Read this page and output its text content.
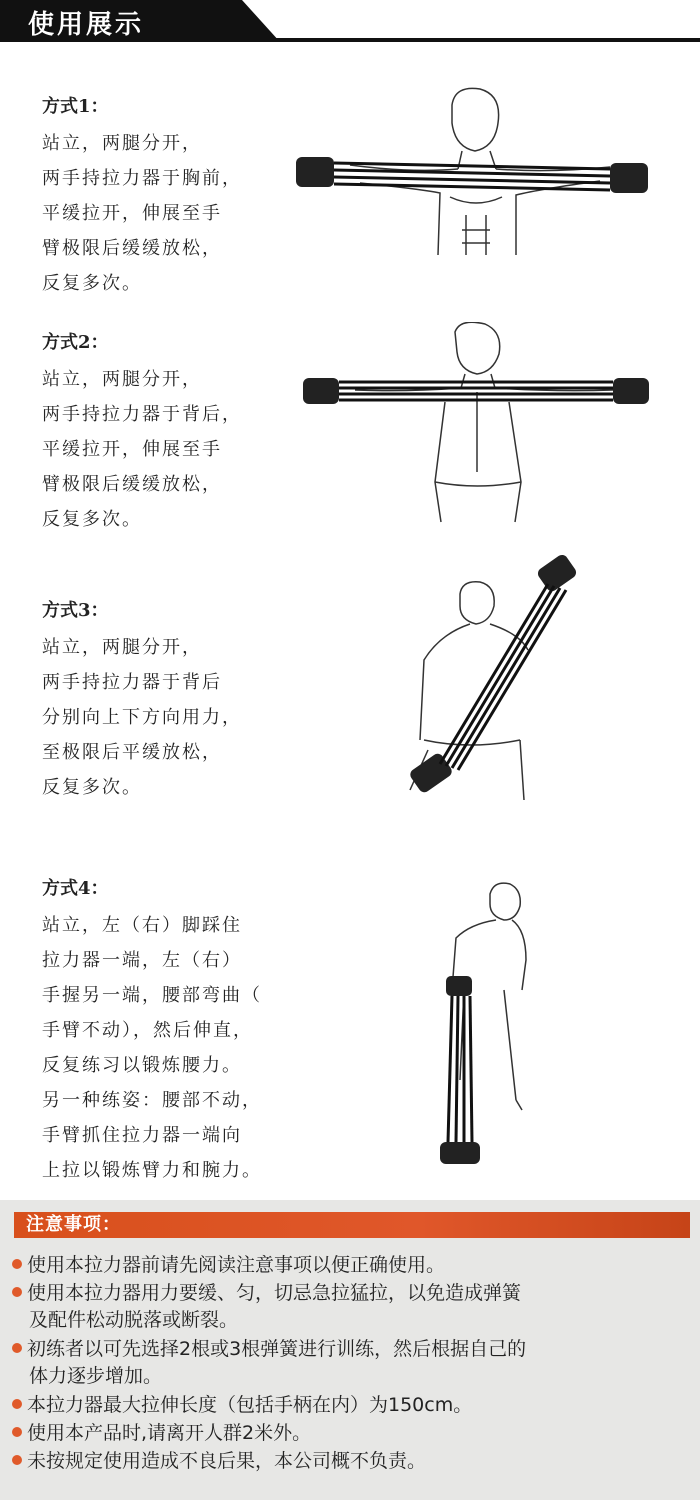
使用展示
方式1：
站立，两腿分开，
两手持拉力器于胸前，
平缓拉开，伸展至手
臂极限后缓缓放松，
反复多次。
方式2：
站立，两腿分开，
两手持拉力器于背后，
平缓拉开，伸展至手
臂极限后缓缓放松，
反复多次。
方式3：
站立，两腿分开，
两手持拉力器于背后
分别向上下方向用力，
至极限后平缓放松，
反复多次。
方式4：
站立，左（右）脚踩住
拉力器一端，左（右）
手握另一端，腰部弯曲（
手臂不动），然后伸直，
反复练习以锻炼腰力。
另一种练姿：腰部不动，
手臂抓住拉力器一端向
上拉以锻炼臂力和腕力。
注意事项：
使用本拉力器前请先阅读注意事项以便正确使用。
使用本拉力器用力要缓、匀，切忌急拉猛拉，以免造成弹簧
及配件松动脱落或断裂。
初练者以可先选择2根或3根弹簧进行训练，然后根据自己的
体力逐步增加。
本拉力器最大拉伸长度（包括手柄在内）为150cm。
使用本产品时,请离开人群2米外。
未按规定使用造成不良后果，本公司概不负责。
